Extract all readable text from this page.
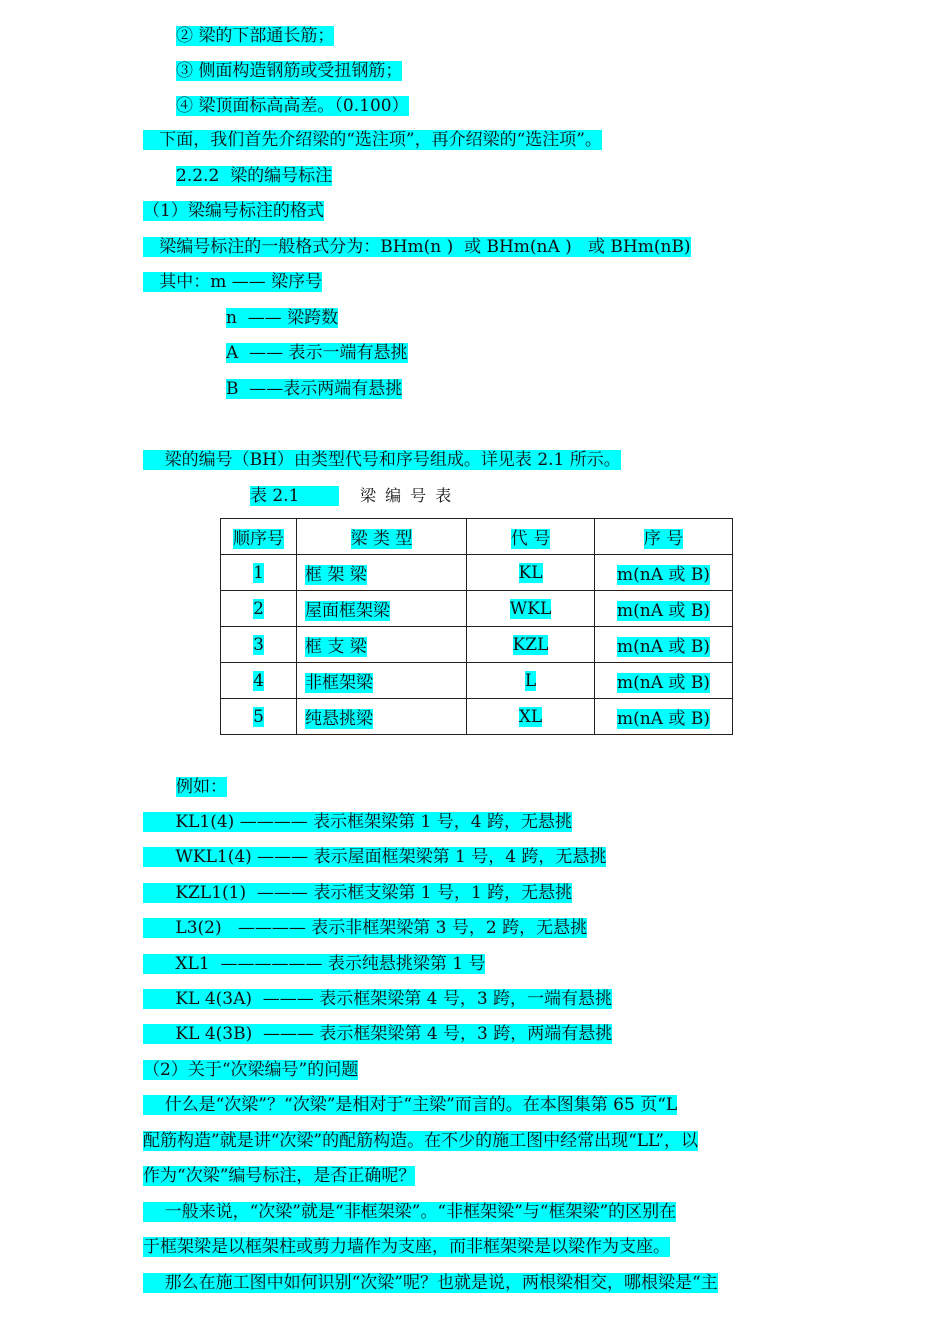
② 梁的下部通长筋；
③ 侧面构造钢筋或受扭钢筋；
④ 梁顶面标高高差。（0.100）
下面，我们首先介绍梁的“选注项”，再介绍梁的“选注项”。
2.2.2  梁的编号标注
（1）梁编号标注的格式
梁编号标注的一般格式分为：BHm(n )  或 BHm(nA )   或 BHm(nB)
其中：m —— 梁序号
n  —— 梁跨数
A  —— 表示一端有悬挑
B  ——表示两端有悬挑
梁的编号（BH）由类型代号和序号组成。详见表 2.1 所示。
表 2.1	梁 编 号 表
顺序号	梁 类 型	代 号	序 号
1	框 架 梁	KL	m(nA 或 B)
2	屋面框架梁	WKL	m(nA 或 B)
3	框 支 梁	KZL	m(nA 或 B)
4	非框架梁	L	m(nA 或 B)
5	纯悬挑梁	XL	m(nA 或 B)
例如：
KL1(4) ———— 表示框架梁第 1 号，4 跨，无悬挑
WKL1(4) ——— 表示屋面框架梁第 1 号，4 跨，无悬挑
KZL1(1)  ——— 表示框支梁第 1 号，1 跨，无悬挑
L3(2)   ———— 表示非框架梁第 3 号，2 跨，无悬挑
XL1  —————— 表示纯悬挑梁第 1 号
KL 4(3A)  ——— 表示框架梁第 4 号，3 跨，一端有悬挑
KL 4(3B)  ——— 表示框架梁第 4 号，3 跨，两端有悬挑
（2）关于“次梁编号”的问题
什么是“次梁”？“次梁”是相对于“主梁”而言的。在本图集第 65 页“L
配筋构造”就是讲“次梁”的配筋构造。在不少的施工图中经常出现“LL”，以
作为“次梁”编号标注，是否正确呢？
一般来说，“次梁”就是“非框架梁”。“非框架梁”与“框架梁”的区别在
于框架梁是以框架柱或剪力墙作为支座，而非框架梁是以梁作为支座。
那么在施工图中如何识别“次梁”呢？也就是说，两根梁相交，哪根梁是“主
